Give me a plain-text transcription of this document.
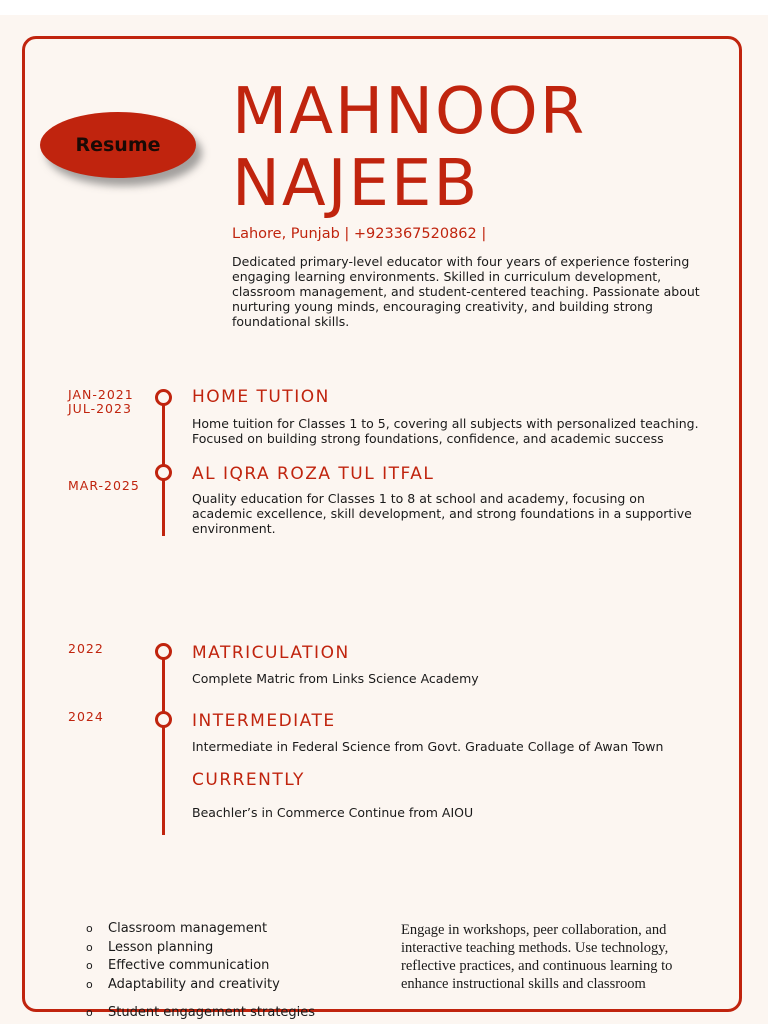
Resume	MAHNOOR
NAJEEB
Lahore, Punjab | +923367520862 |
Dedicated primary-level educator with four years of experience fostering engaging learning environments. Skilled in curriculum development, classroom management, and student-centered teaching. Passionate about nurturing young minds, encouraging creativity, and building strong foundational skills.
JAN-2021
JUL-2023
HOME TUTION
Home tuition for Classes 1 to 5, covering all subjects with personalized teaching. Focused on building strong foundations, confidence, and academic success
MAR-2025
AL IQRA ROZA TUL ITFAL
Quality education for Classes 1 to 8 at school and academy, focusing on academic excellence, skill development, and strong foundations in a supportive environment.
2022	MATRICULATION
Complete Matric from Links Science Academy
2024	INTERMEDIATE
Intermediate in Federal Science from Govt. Graduate Collage of Awan Town
CURRENTLY
Beachler’s in Commerce Continue from AIOU
o Classroom management
o Lesson planning
o Effective communication
o Adaptability and creativity
o Student engagement strategies
Engage in workshops, peer collaboration, and interactive teaching methods. Use technology, reflective practices, and continuous learning to enhance instructional skills and classroom
